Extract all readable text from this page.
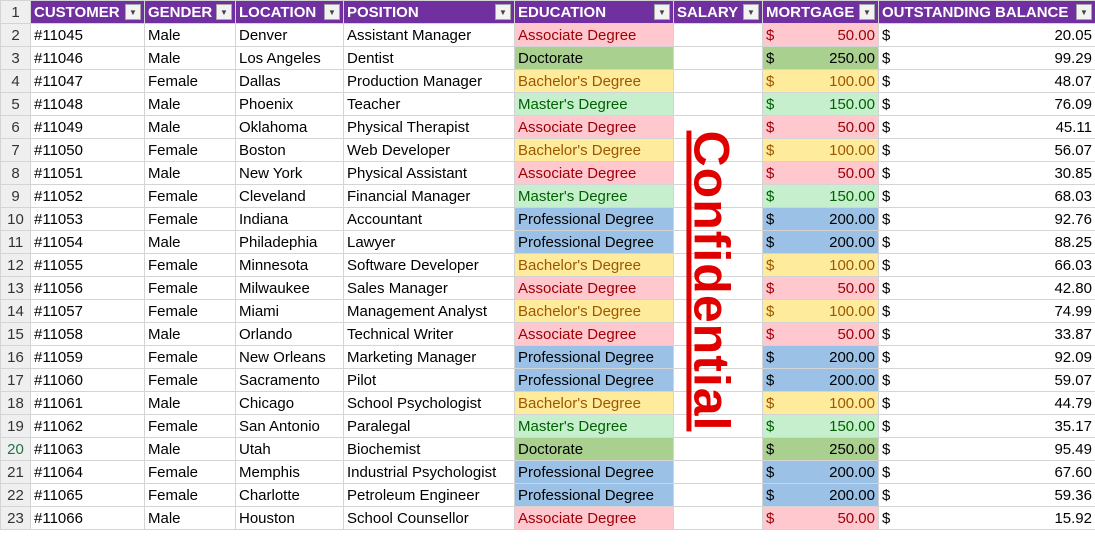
1	CUSTOMER ▼	GENDER ▼	LOCATION ▼	POSITION ▼	EDUCATION ▼	SALARY ▼	MORTGAGE ▼	OUTSTANDING BALANCE ▼

2	#11045	Male	Denver	Assistant Manager	Associate Degree		$ 50.00	$ 20.05

3	#11046	Male	Los Angeles	Dentist	Doctorate		$ 250.00	$ 99.29

4	#11047	Female	Dallas	Production Manager	Bachelor's Degree		$ 100.00	$ 48.07

5	#11048	Male	Phoenix	Teacher	Master's Degree		$ 150.00	$ 76.09

6	#11049	Male	Oklahoma	Physical Therapist	Associate Degree		$ 50.00	$ 45.11

7	#11050	Female	Boston	Web Developer	Bachelor's Degree		$ 100.00	$ 56.07

8	#11051	Male	New York	Physical Assistant	Associate Degree		$ 50.00	$ 30.85

9	#11052	Female	Cleveland	Financial Manager	Master's Degree		$ 150.00	$ 68.03

10	#11053	Female	Indiana	Accountant	Professional Degree		$ 200.00	$ 92.76

11	#11054	Male	Philadephia	Lawyer	Professional Degree		$ 200.00	$ 88.25

12	#11055	Female	Minnesota	Software Developer	Bachelor's Degree		$ 100.00	$ 66.03

13	#11056	Female	Milwaukee	Sales Manager	Associate Degree		$ 50.00	$ 42.80

14	#11057	Female	Miami	Management Analyst	Bachelor's Degree		$ 100.00	$ 74.99

15	#11058	Male	Orlando	Technical Writer	Associate Degree		$ 50.00	$ 33.87

16	#11059	Female	New Orleans	Marketing Manager	Professional Degree		$ 200.00	$ 92.09

17	#11060	Female	Sacramento	Pilot	Professional Degree		$ 200.00	$ 59.07

18	#11061	Male	Chicago	School Psychologist	Bachelor's Degree		$ 100.00	$ 44.79

19	#11062	Female	San Antonio	Paralegal	Master's Degree		$ 150.00	$ 35.17

20	#11063	Male	Utah	Biochemist	Doctorate		$ 250.00	$ 95.49

21	#11064	Female	Memphis	Industrial Psychologist	Professional Degree		$ 200.00	$ 67.60

22	#11065	Female	Charlotte	Petroleum Engineer	Professional Degree		$ 200.00	$ 59.36

23	#11066	Male	Houston	School Counsellor	Associate Degree		$ 50.00	$ 15.92
Confidential
